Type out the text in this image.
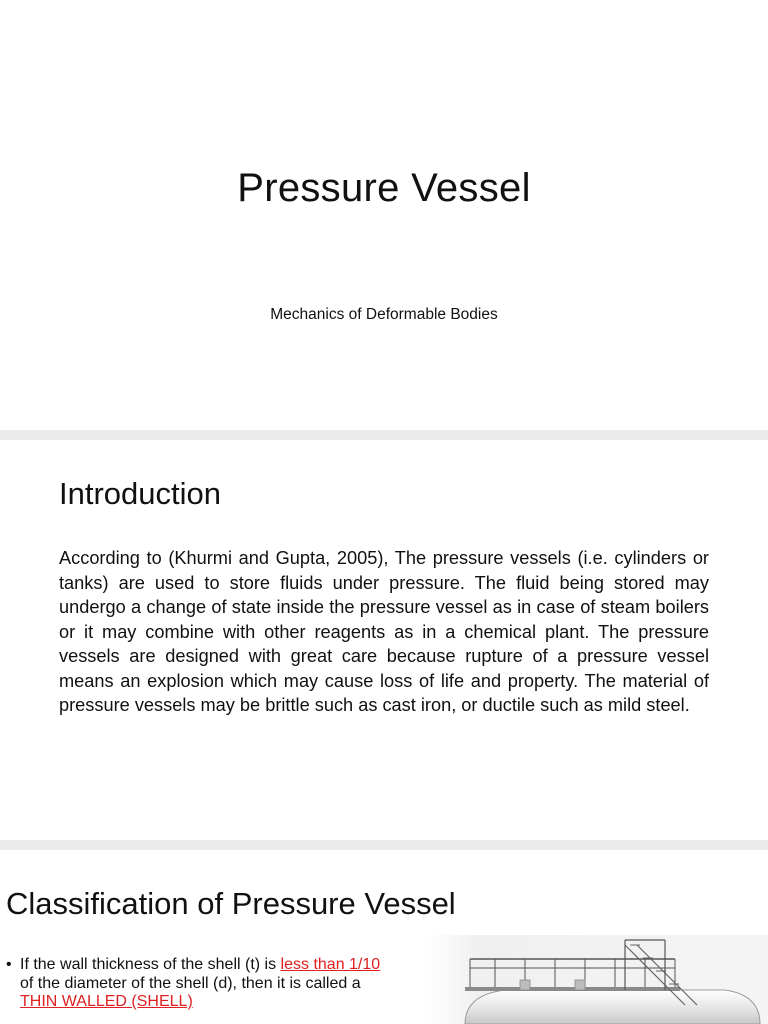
Pressure Vessel
Mechanics of Deformable Bodies
Introduction

According to (Khurmi and Gupta, 2005), The pressure vessels (i.e. cylinders or tanks) are used to store fluids under pressure. The fluid being stored may undergo a change of state inside the pressure vessel as in case of steam boilers or it may combine with other reagents as in a chemical plant. The pressure vessels are designed with great care because rupture of a pressure vessel means an explosion which may cause loss of life and property. The material of pressure vessels may be brittle such as cast iron, or ductile such as mild steel.

Classification of Pressure Vessel
• If the wall thickness of the shell (t) is less than 1/10 of the diameter of the shell (d), then it is called a THIN WALLED (SHELL)
